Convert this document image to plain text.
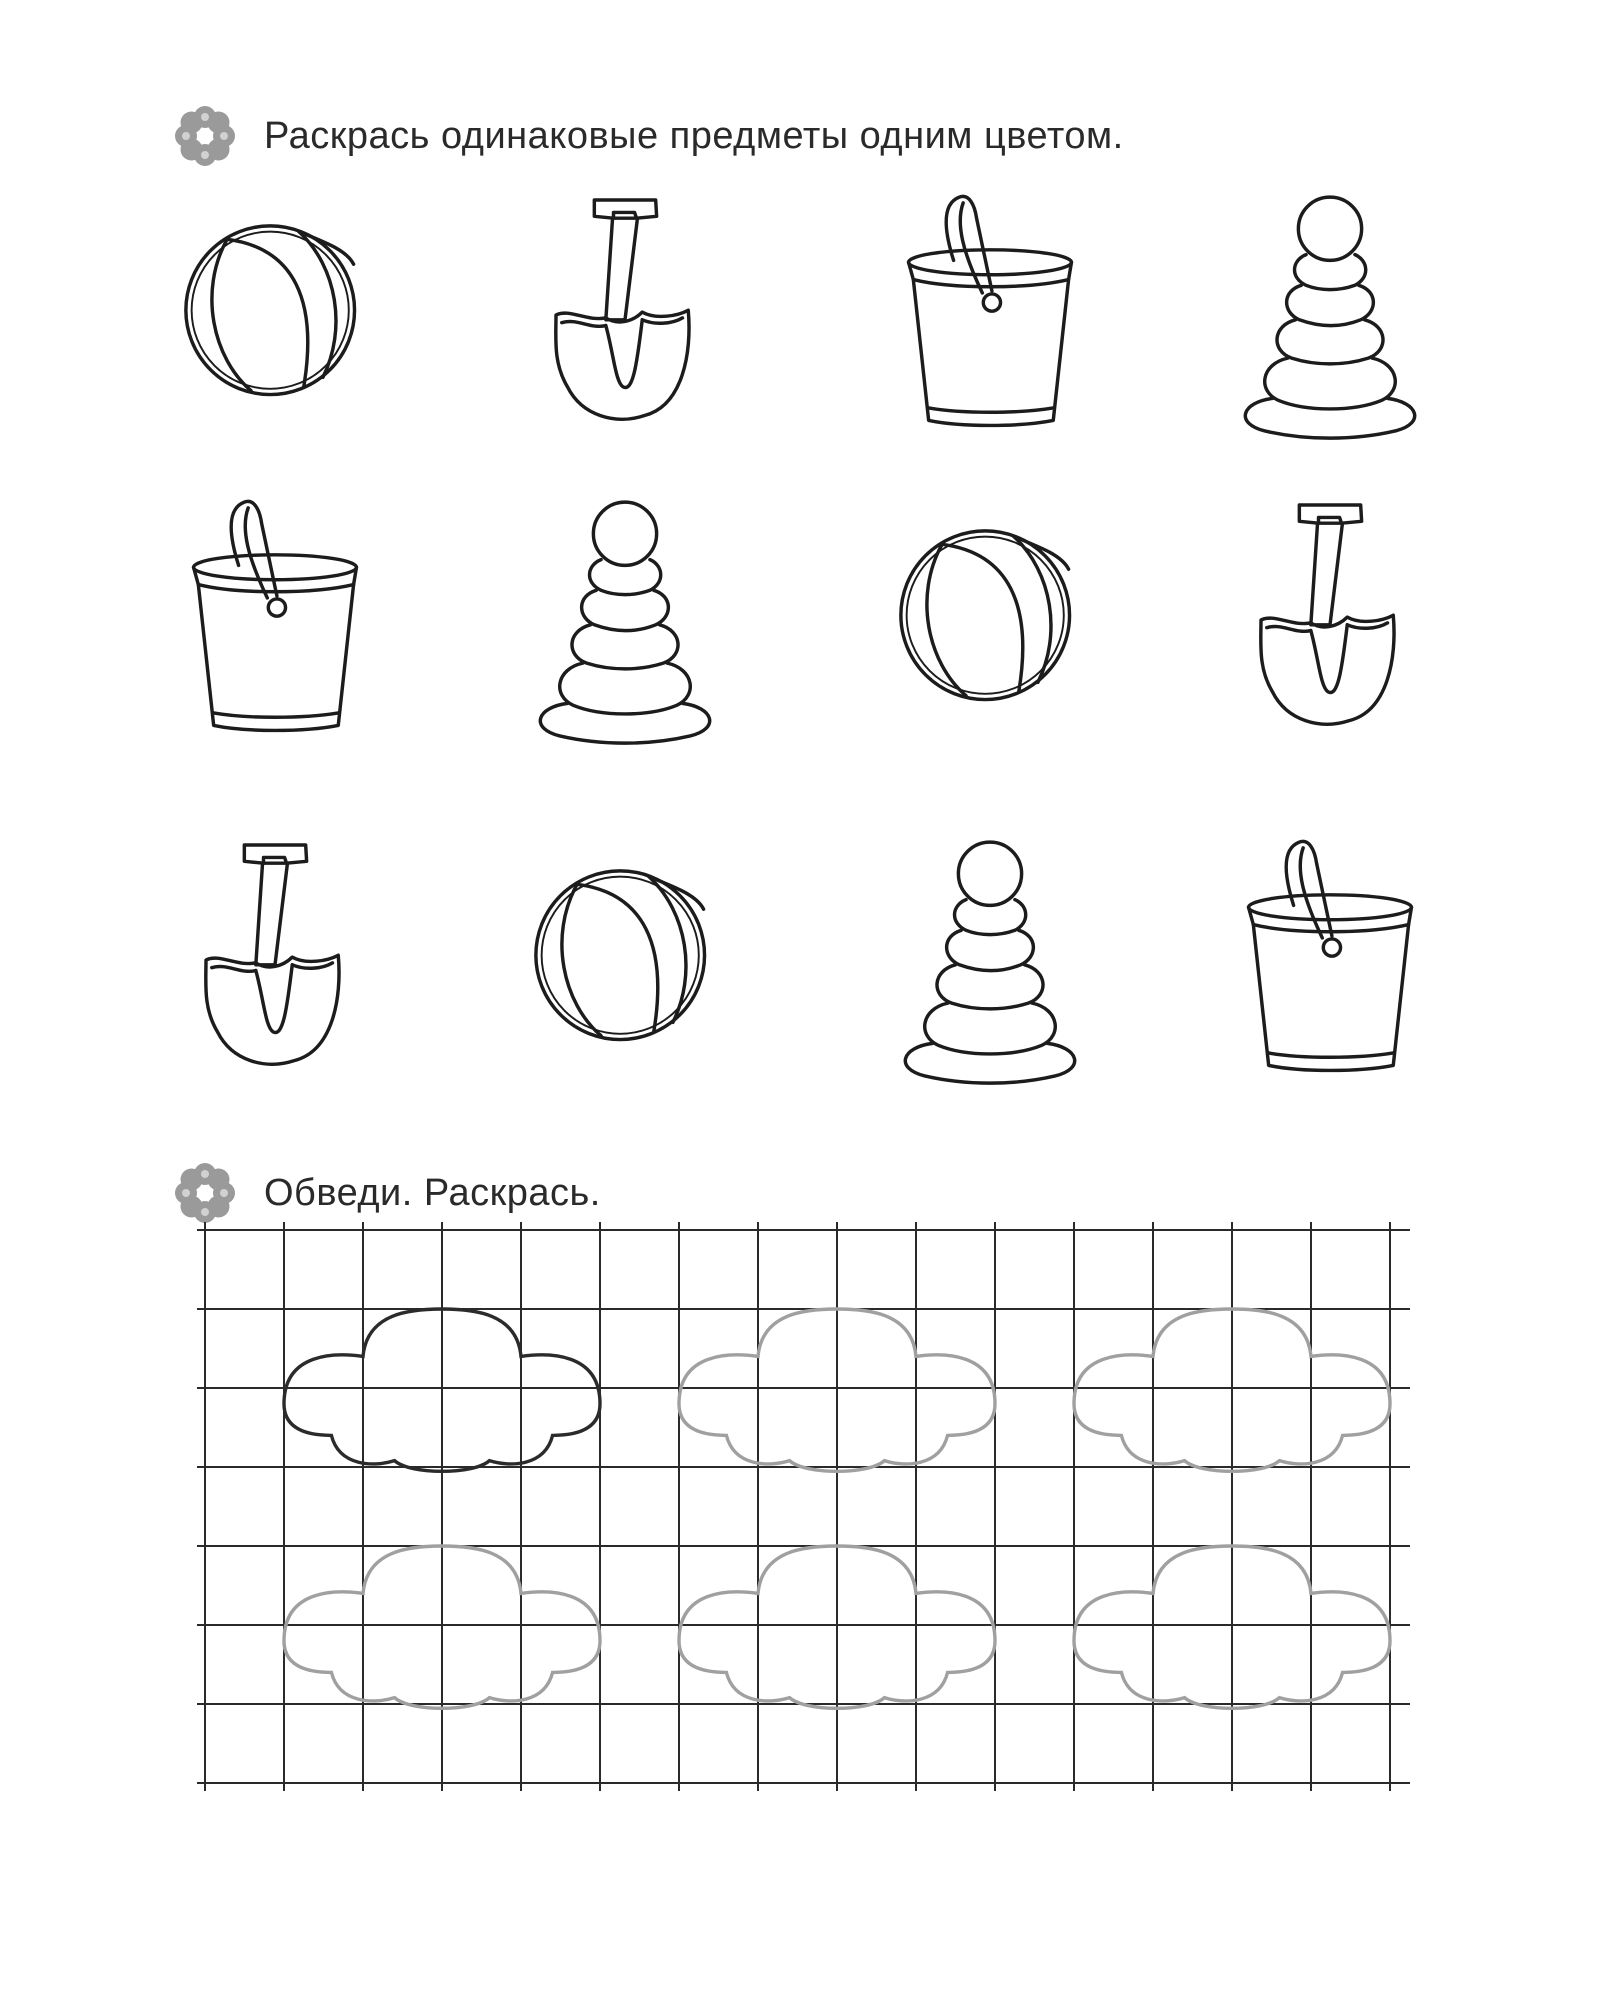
Раскрась одинаковые предметы одним цветом.
Обведи. Раскрась.
